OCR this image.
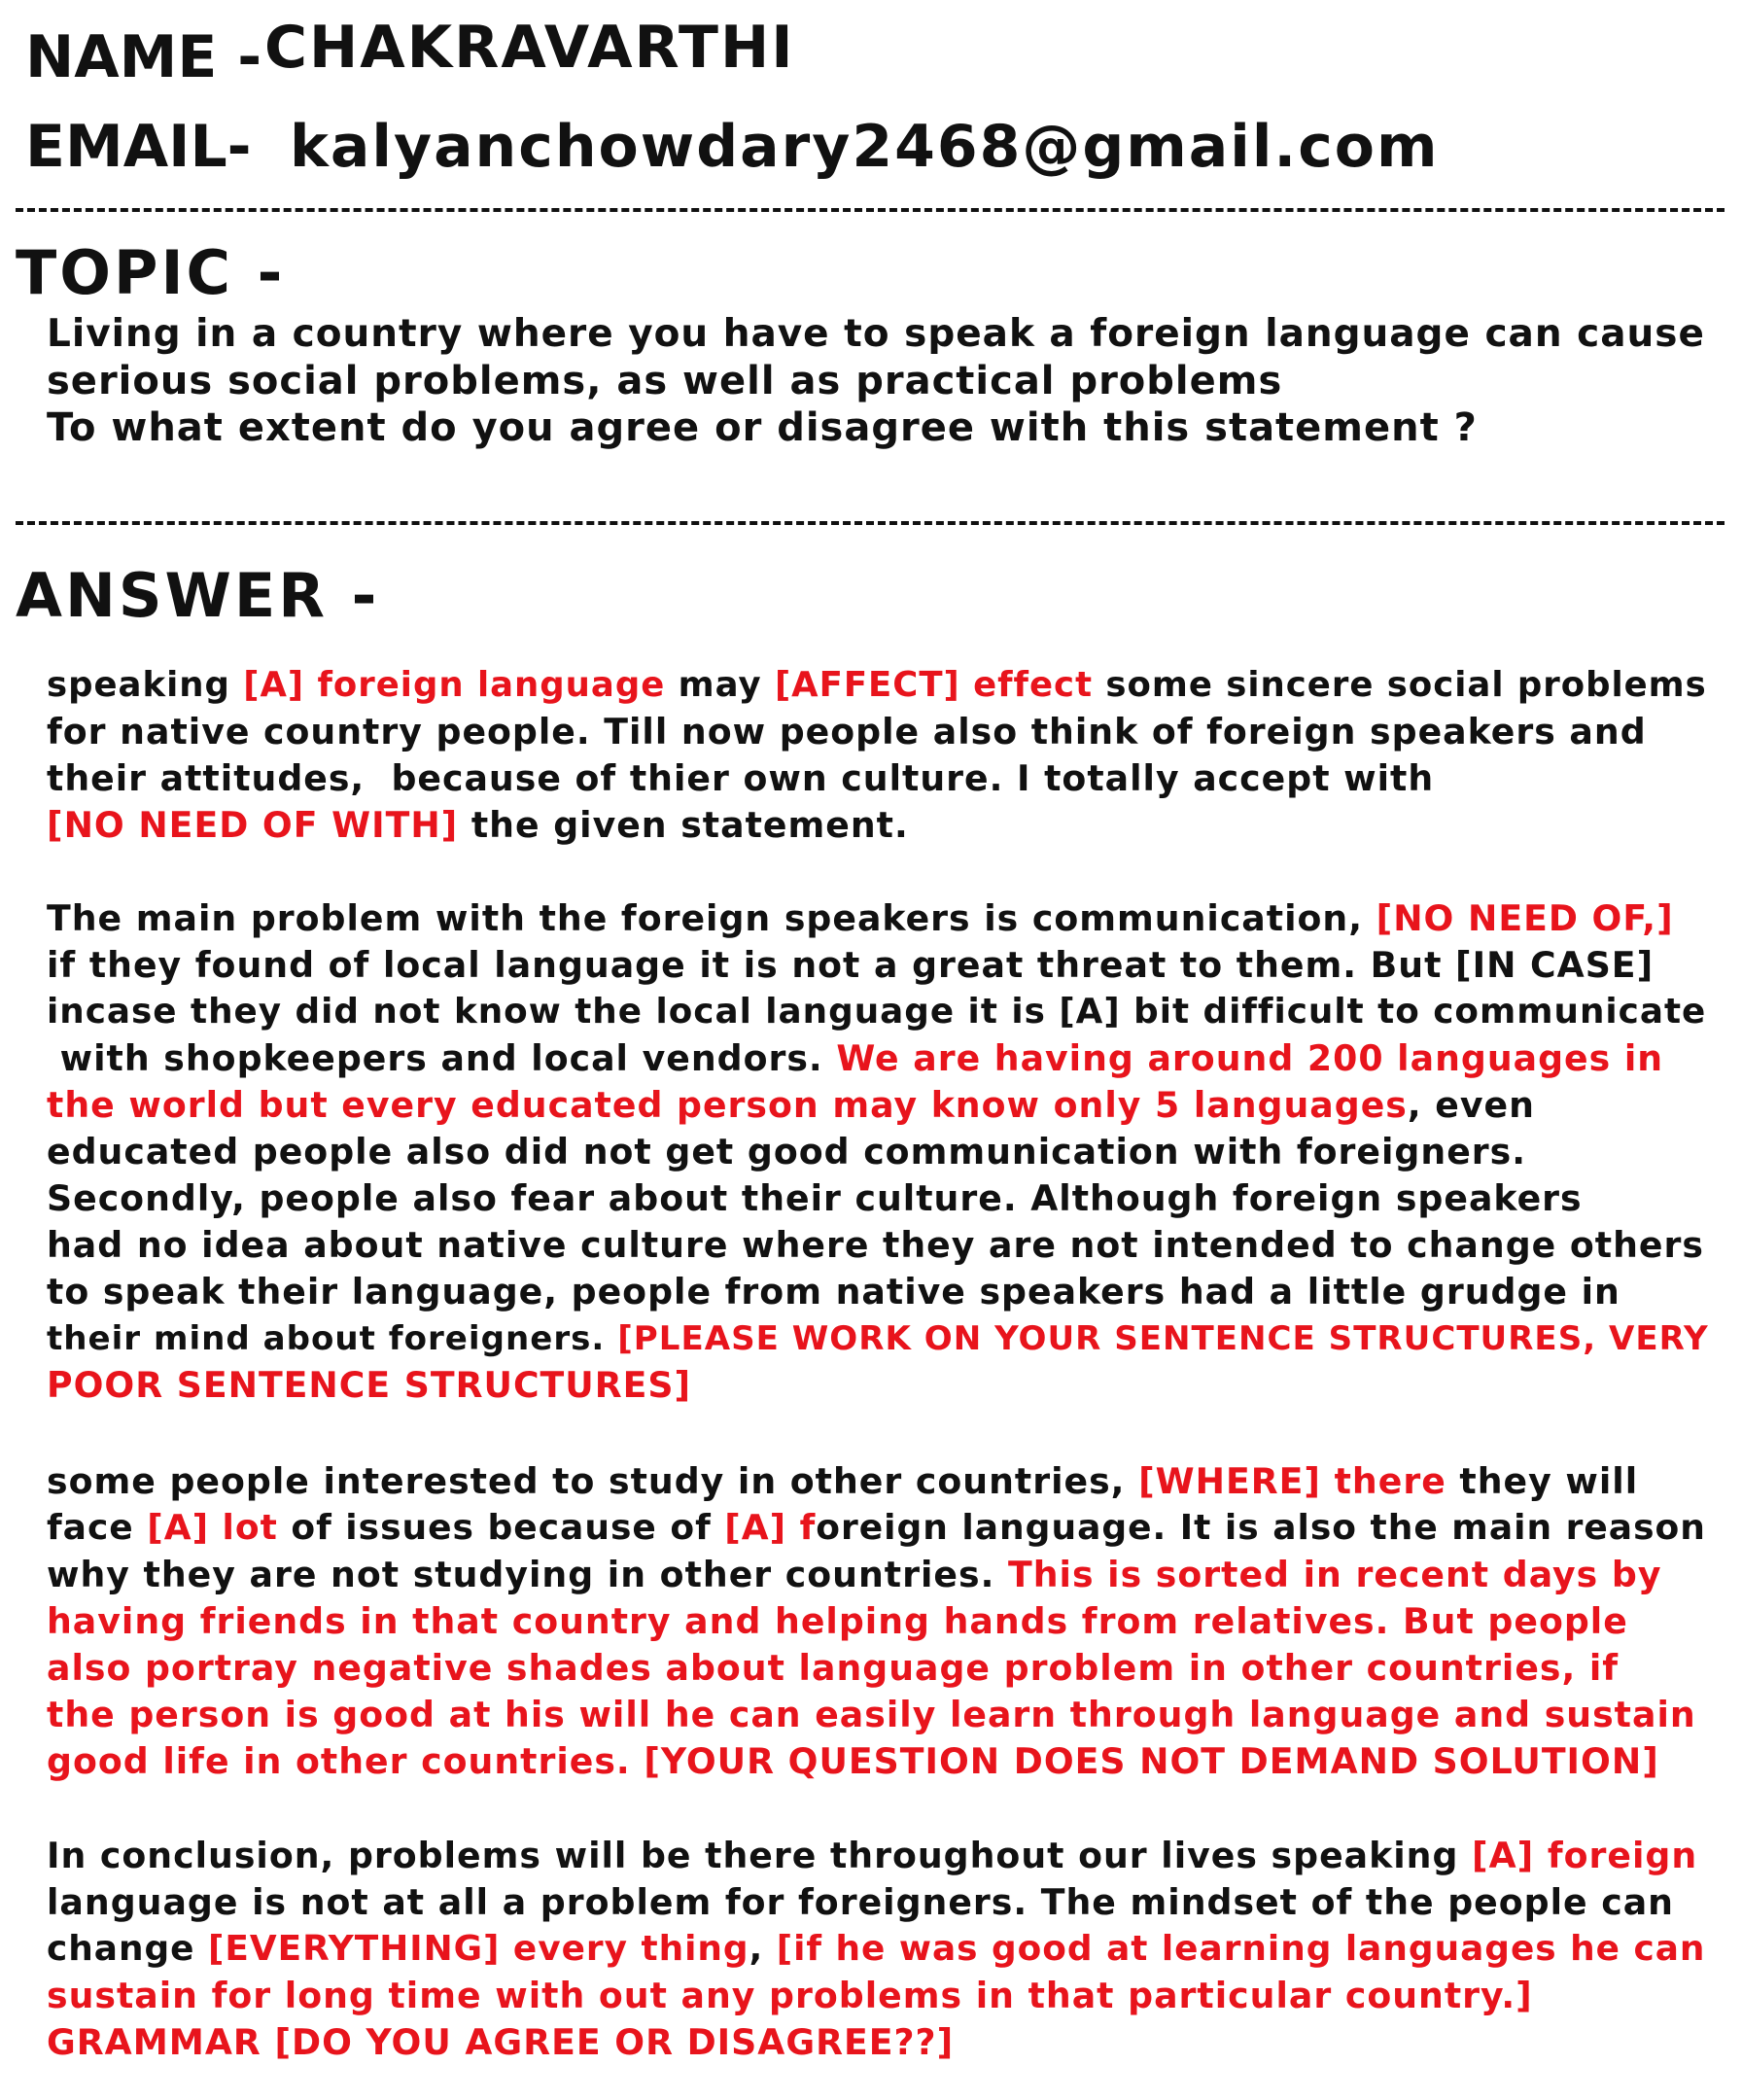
NAME - CHAKRAVARTHI
EMAIL- kalyanchowdary2468@gmail.com
TOPIC -
Living in a country where you have to speak a foreign language can cause
serious social problems, as well as practical problems
To what extent do you agree or disagree with this statement ?
ANSWER -
speaking [A] foreign language may [AFFECT] effect some sincere social problems
for native country people. Till now people also think of foreign speakers and
their attitudes,  because of thier own culture. I totally accept with
[NO NEED OF WITH] the given statement.
The main problem with the foreign speakers is communication, [NO NEED OF,]
if they found of local language it is not a great threat to them. But [IN CASE]
incase they did not know the local language it is [A] bit difficult to communicate
with shopkeepers and local vendors. We are having around 200 languages in
the world but every educated person may know only 5 languages, even
educated people also did not get good communication with foreigners.
Secondly, people also fear about their culture. Although foreign speakers
had no idea about native culture where they are not intended to change others
to speak their language, people from native speakers had a little grudge in
their mind about foreigners. [PLEASE WORK ON YOUR SENTENCE STRUCTURES, VERY
POOR SENTENCE STRUCTURES]
some people interested to study in other countries, [WHERE] there they will
face [A] lot of issues because of [A] foreign language. It is also the main reason
why they are not studying in other countries. This is sorted in recent days by
having friends in that country and helping hands from relatives. But people
also portray negative shades about language problem in other countries, if
the person is good at his will he can easily learn through language and sustain
good life in other countries. [YOUR QUESTION DOES NOT DEMAND SOLUTION]
In conclusion, problems will be there throughout our lives speaking [A] foreign
language is not at all a problem for foreigners. The mindset of the people can
change [EVERYTHING] every thing, [if he was good at learning languages he can
sustain for long time with out any problems in that particular country.]
GRAMMAR [DO YOU AGREE OR DISAGREE??]
